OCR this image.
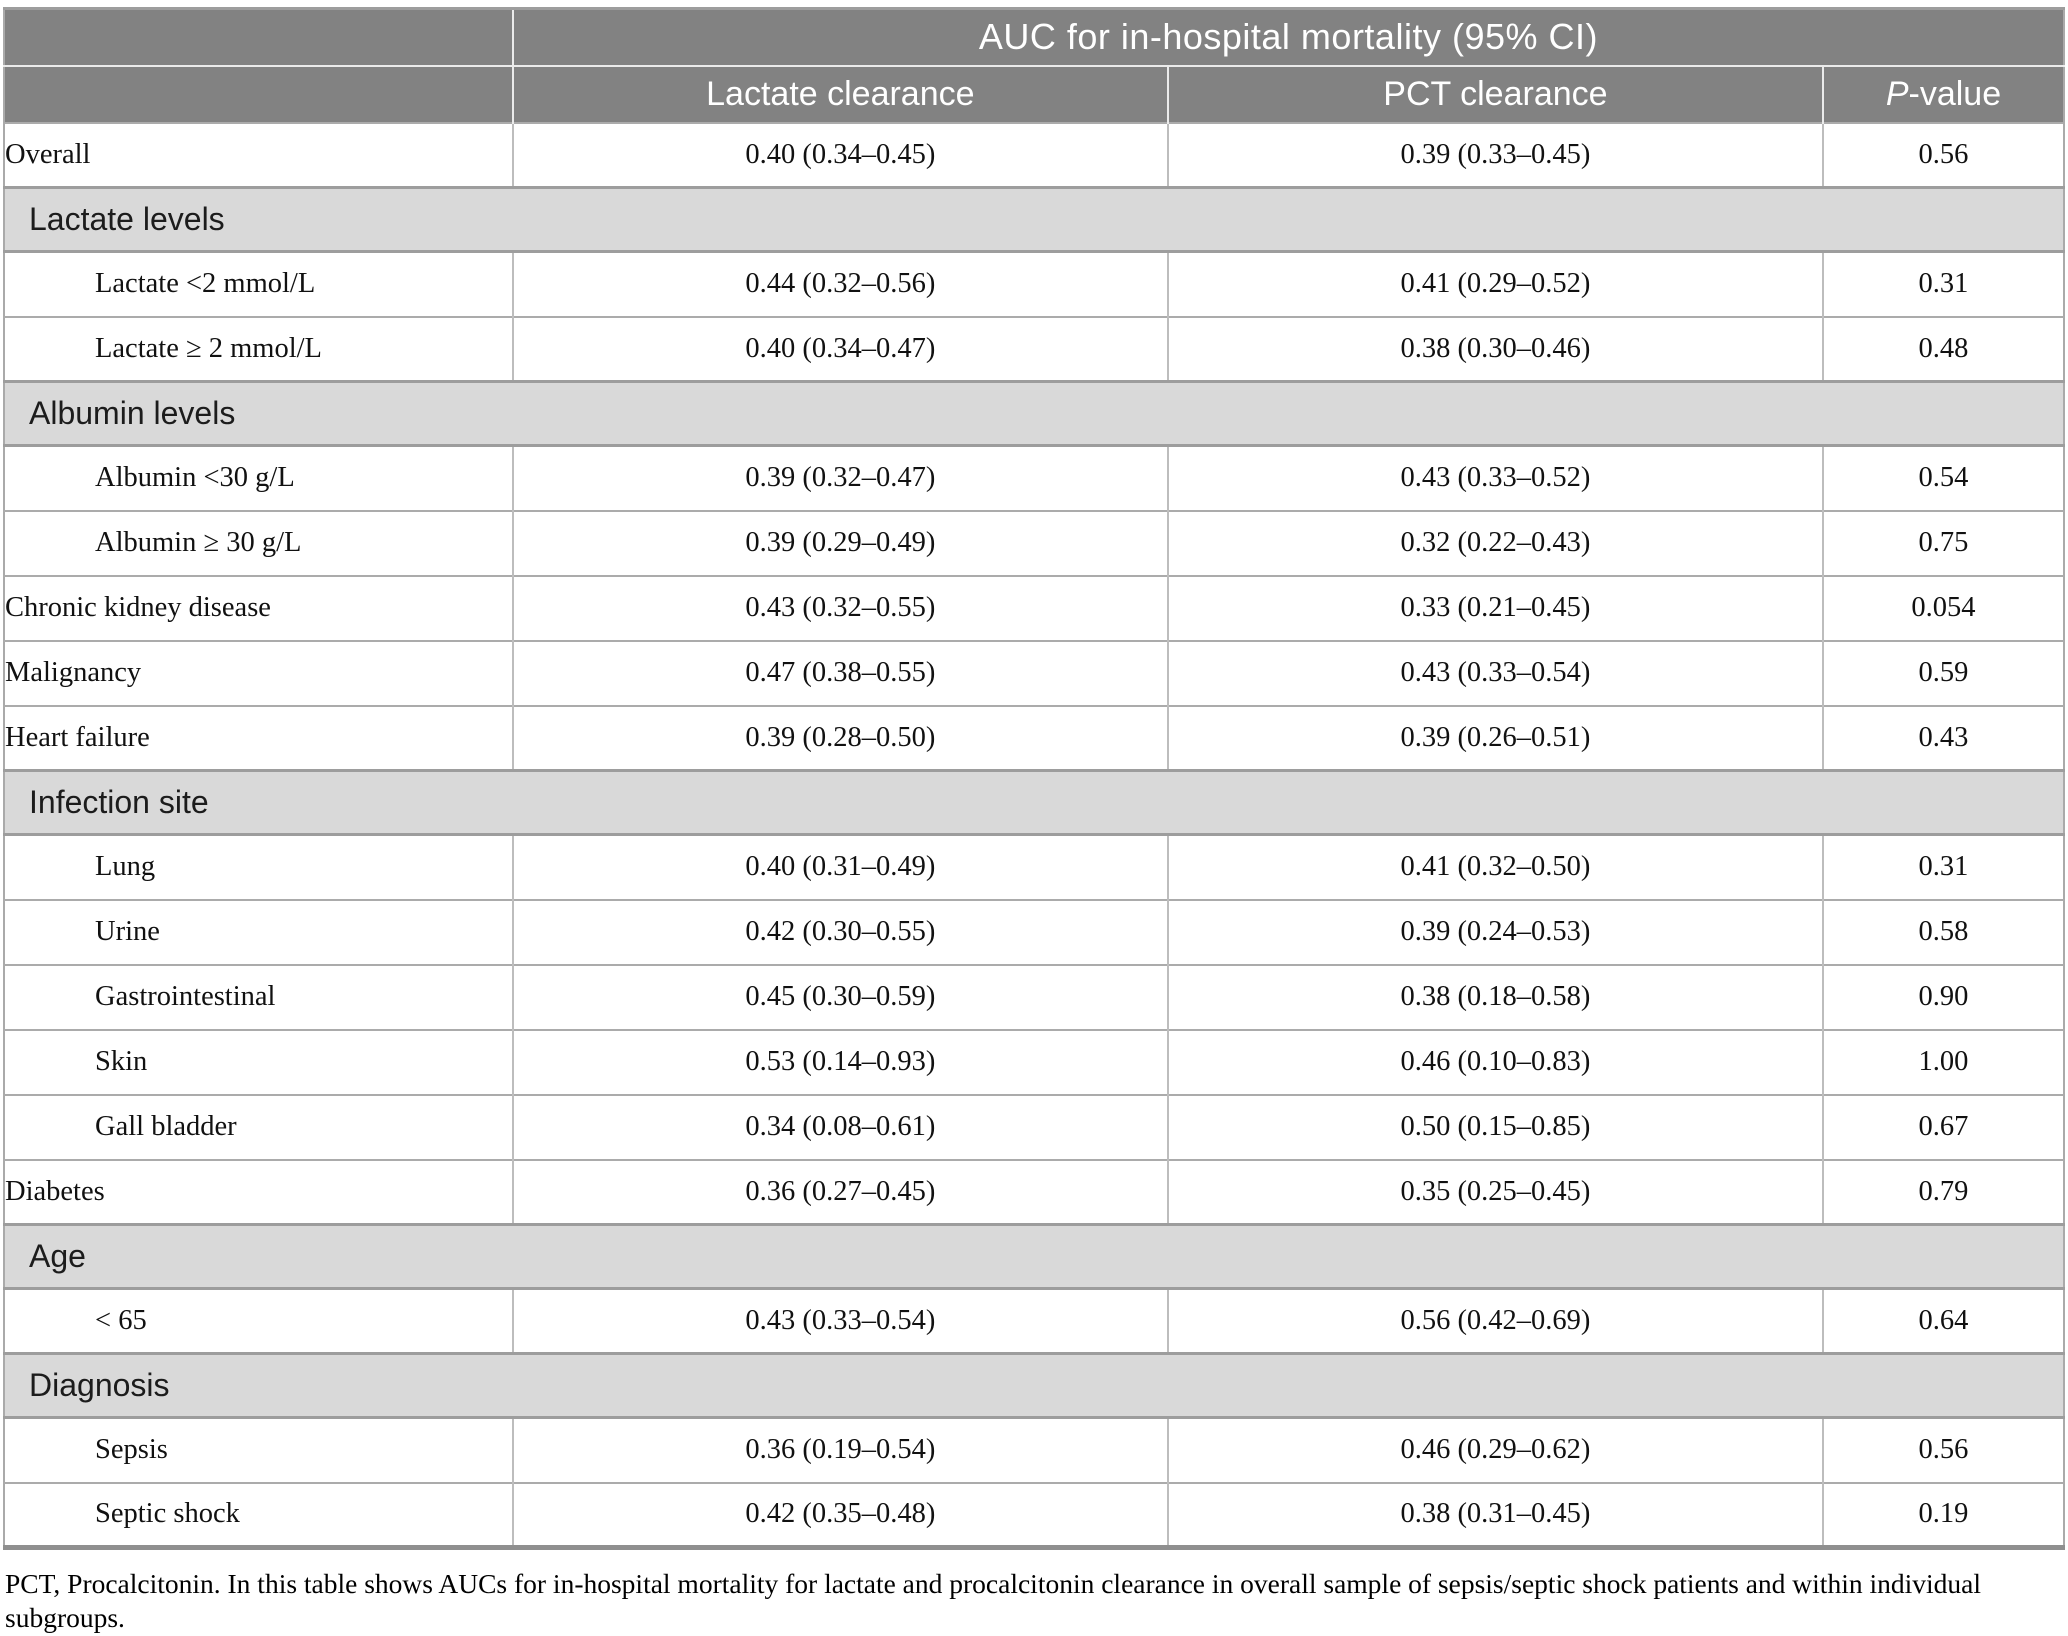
	AUC for in-hospital mortality (95% CI)		
	Lactate clearance	PCT clearance	P-value
Overall	0.40 (0.34–0.45)	0.39 (0.33–0.45)	0.56
Lactate levels			
Lactate <2 mmol/L	0.44 (0.32–0.56)	0.41 (0.29–0.52)	0.31
Lactate ≥ 2 mmol/L	0.40 (0.34–0.47)	0.38 (0.30–0.46)	0.48
Albumin levels			
Albumin <30 g/L	0.39 (0.32–0.47)	0.43 (0.33–0.52)	0.54
Albumin ≥ 30 g/L	0.39 (0.29–0.49)	0.32 (0.22–0.43)	0.75
Chronic kidney disease	0.43 (0.32–0.55)	0.33 (0.21–0.45)	0.054
Malignancy	0.47 (0.38–0.55)	0.43 (0.33–0.54)	0.59
Heart failure	0.39 (0.28–0.50)	0.39 (0.26–0.51)	0.43
Infection site			
Lung	0.40 (0.31–0.49)	0.41 (0.32–0.50)	0.31
Urine	0.42 (0.30–0.55)	0.39 (0.24–0.53)	0.58
Gastrointestinal	0.45 (0.30–0.59)	0.38 (0.18–0.58)	0.90
Skin	0.53 (0.14–0.93)	0.46 (0.10–0.83)	1.00
Gall bladder	0.34 (0.08–0.61)	0.50 (0.15–0.85)	0.67
Diabetes	0.36 (0.27–0.45)	0.35 (0.25–0.45)	0.79
Age			
< 65	0.43 (0.33–0.54)	0.56 (0.42–0.69)	0.64
Diagnosis			
Sepsis	0.36 (0.19–0.54)	0.46 (0.29–0.62)	0.56
Septic shock	0.42 (0.35–0.48)	0.38 (0.31–0.45)	0.19

PCT, Procalcitonin. In this table shows AUCs for in-hospital mortality for lactate and procalcitonin clearance in overall sample of sepsis/septic shock patients and within individual subgroups.
